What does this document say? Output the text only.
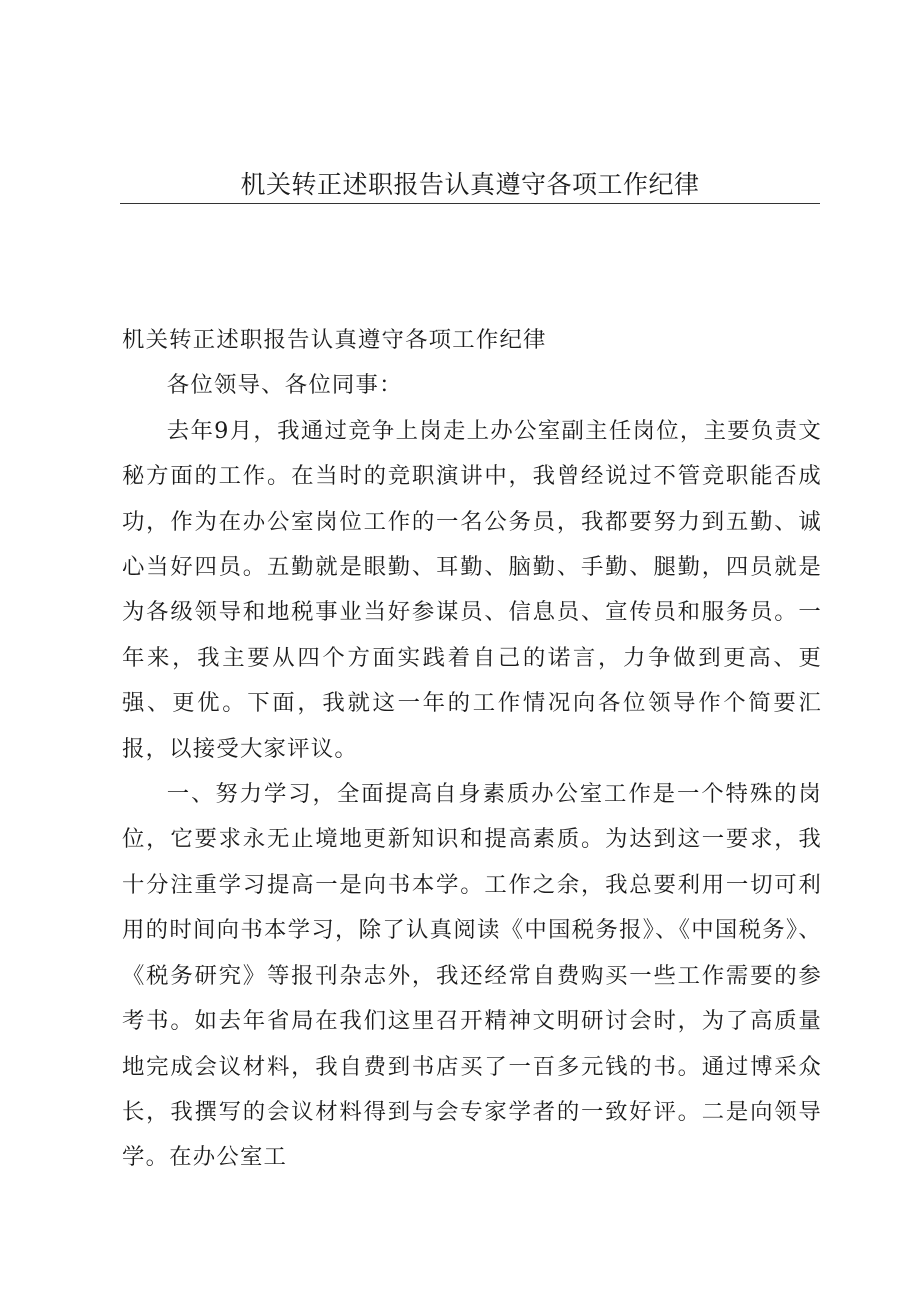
机关转正述职报告认真遵守各项工作纪律

机关转正述职报告认真遵守各项工作纪律

各位领导、各位同事：

去年9月，我通过竞争上岗走上办公室副主任岗位，主要负责文秘方面的工作。在当时的竞职演讲中，我曾经说过不管竞职能否成功，作为在办公室岗位工作的一名公务员，我都要努力到五勤、诚心当好四员。五勤就是眼勤、耳勤、脑勤、手勤、腿勤，四员就是为各级领导和地税事业当好参谋员、信息员、宣传员和服务员。一年来，我主要从四个方面实践着自己的诺言，力争做到更高、更强、更优。下面，我就这一年的工作情况向各位领导作个简要汇报，以接受大家评议。

一、努力学习，全面提高自身素质办公室工作是一个特殊的岗位，它要求永无止境地更新知识和提高素质。为达到这一要求，我十分注重学习提高一是向书本学。工作之余，我总要利用一切可利用的时间向书本学习，除了认真阅读《中国税务报》、《中国税务》、《税务研究》等报刊杂志外，我还经常自费购买一些工作需要的参考书。如去年省局在我们这里召开精神文明研讨会时，为了高质量地完成会议材料，我自费到书店买了一百多元钱的书。通过博采众长，我撰写的会议材料得到与会专家学者的一致好评。二是向领导学。在办公室工
